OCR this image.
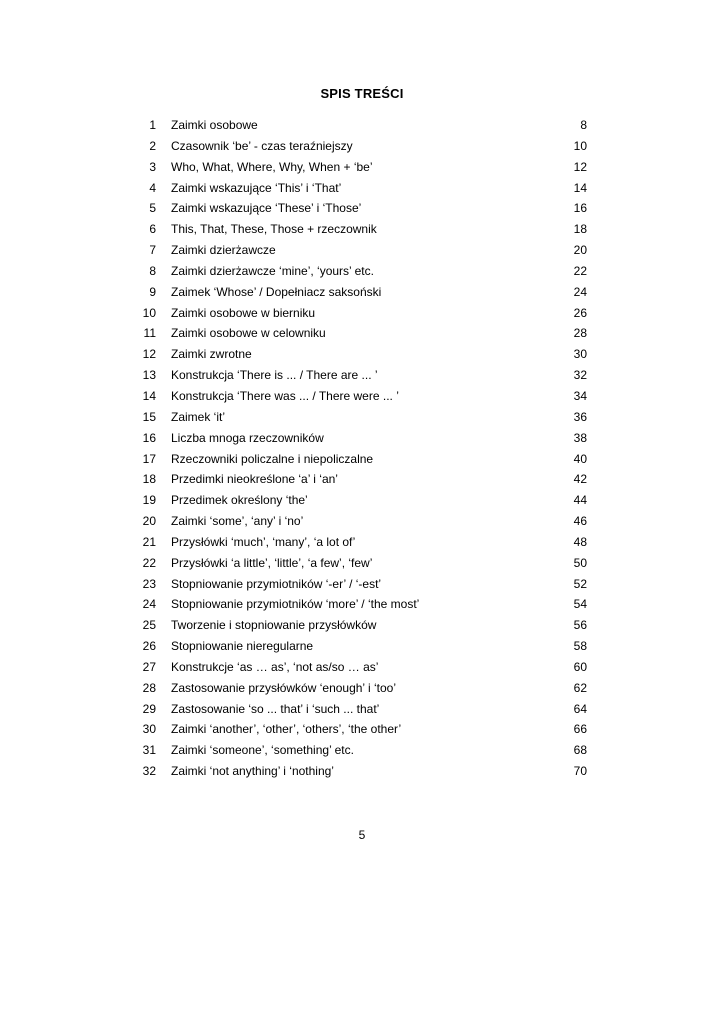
SPIS TREŚCI
1 Zaimki osobowe	8
2 Czasownik ‘be’ - czas teraźniejszy	10
3 Who, What, Where, Why, When + ‘be’	12
4 Zaimki wskazujące ‘This’ i ‘That’	14
5 Zaimki wskazujące ‘These’ i ‘Those’	16
6 This, That, These, Those + rzeczownik	18
7 Zaimki dzierżawcze	20
8 Zaimki dzierżawcze ‘mine’, ‘yours’ etc.	22
9 Zaimek ‘Whose’ / Dopełniacz saksoński	24
10 Zaimki osobowe w bierniku	26
11 Zaimki osobowe w celowniku	28
12 Zaimki zwrotne	30
13 Konstrukcja ‘There is ... / There are ... ’	32
14 Konstrukcja ‘There was ... / There were ... ’	34
15 Zaimek ‘it’	36
16 Liczba mnoga rzeczowników	38
17 Rzeczowniki policzalne i niepoliczalne	40
18 Przedimki nieokreślone ‘a’ i ‘an’	42
19 Przedimek określony ‘the’	44
20 Zaimki ‘some’, ‘any’ i ‘no’	46
21 Przysłówki ‘much’, ‘many’, ‘a lot of’	48
22 Przysłówki ‘a little’, ‘little’, ‘a few’, ‘few’	50
23 Stopniowanie przymiotników ‘-er’ / ‘-est’	52
24 Stopniowanie przymiotników ‘more’ / ‘the most’	54
25 Tworzenie i stopniowanie przysłówków	56
26 Stopniowanie nieregularne	58
27 Konstrukcje ‘as … as’, ‘not as/so … as’	60
28 Zastosowanie przysłówków ‘enough’ i ‘too’	62
29 Zastosowanie ‘so ... that’ i ‘such ... that’	64
30 Zaimki ‘another’, ‘other’, ‘others’, ‘the other’	66
31 Zaimki ‘someone’, ‘something’ etc.	68
32 Zaimki ‘not anything’ i ‘nothing’	70
5
